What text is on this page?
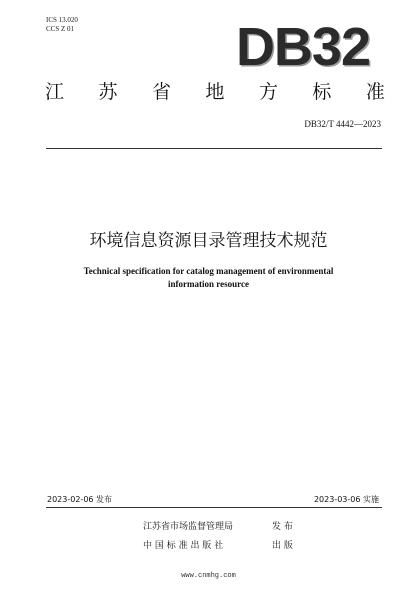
ICS 13.020
CCS Z 01	DB32
江 苏 省 地 方 标 准
DB32/T 4442—2023
环境信息资源目录管理技术规范
Technical specification for catalog management of environmental
information resource
2023-02-06 发布	2023-03-06 实施
江苏省市场监督管理局	发 布
中 国 标 准 出 版 社	出 版
www.cnmhg.com
